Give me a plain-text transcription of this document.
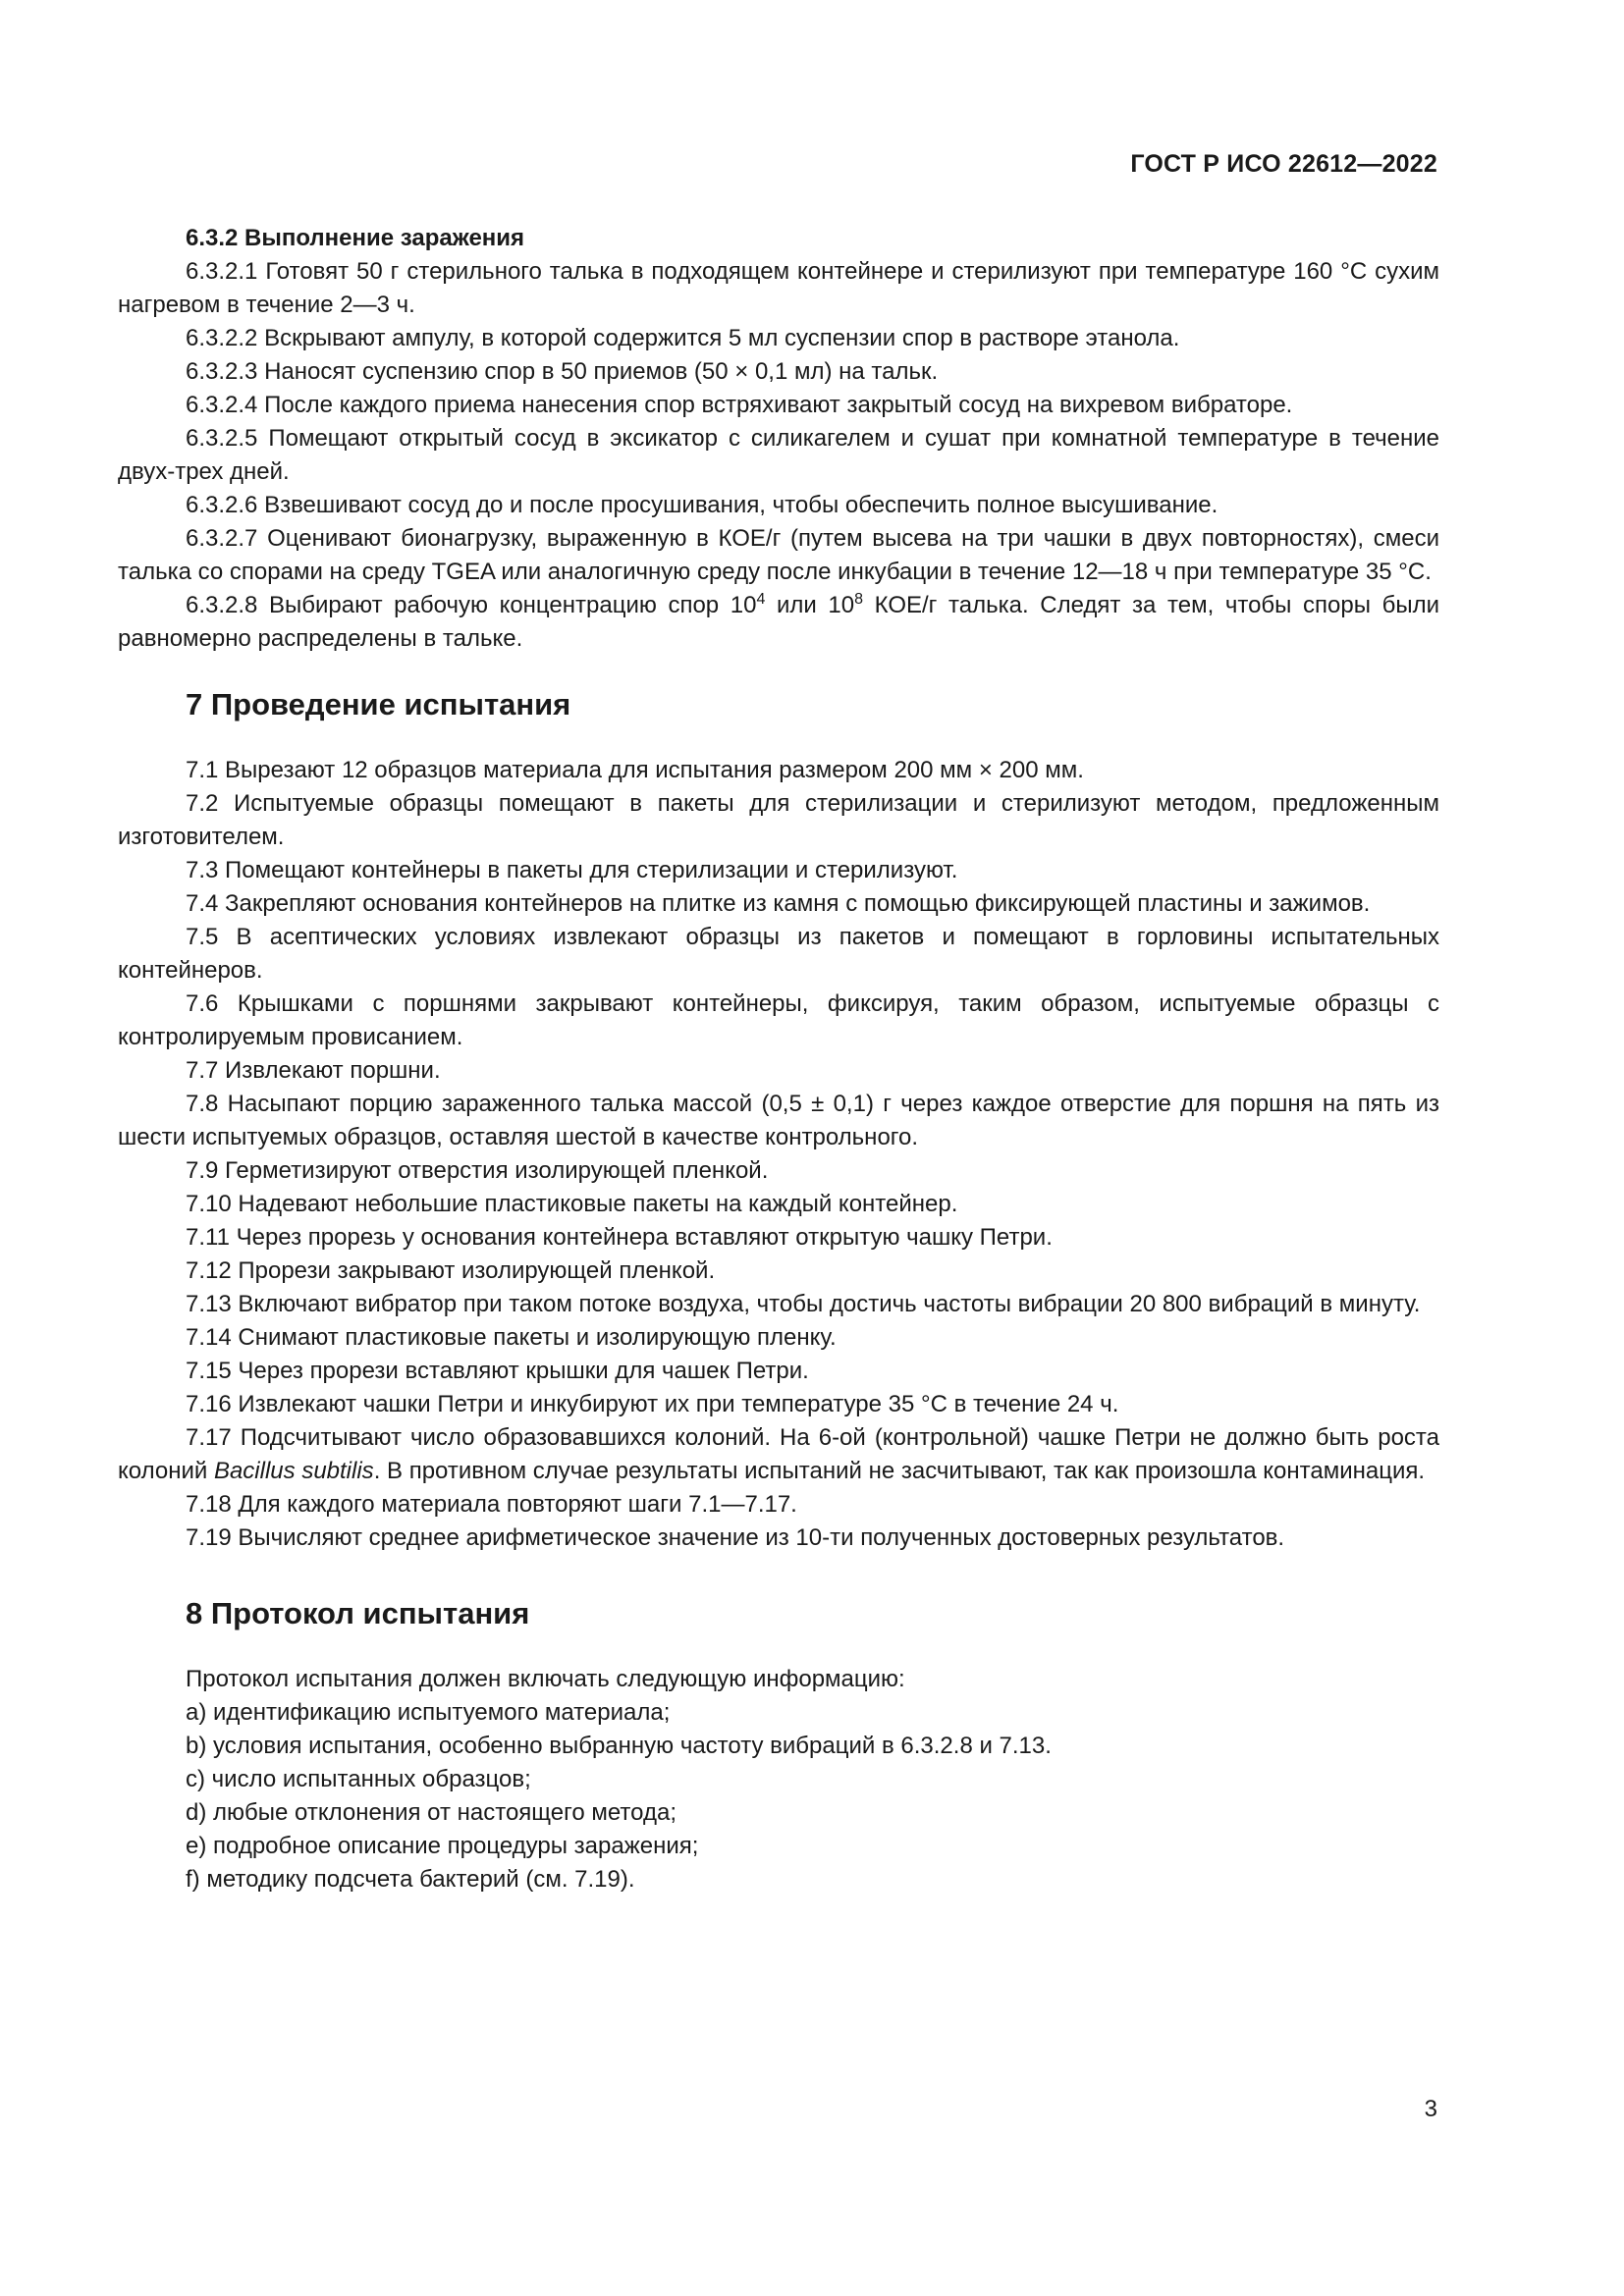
ГОСТ Р ИСО 22612—2022

6.3.2 Выполнение заражения

6.3.2.1 Готовят 50 г стерильного талька в подходящем контейнере и стерилизуют при температуре 160 °C сухим нагревом в течение 2—3 ч.

6.3.2.2 Вскрывают ампулу, в которой содержится 5 мл суспензии спор в растворе этанола.

6.3.2.3 Наносят суспензию спор в 50 приемов (50 × 0,1 мл) на тальк.

6.3.2.4 После каждого приема нанесения спор встряхивают закрытый сосуд на вихревом вибраторе.

6.3.2.5 Помещают открытый сосуд в эксикатор с силикагелем и сушат при комнатной температуре в течение двух-трех дней.

6.3.2.6 Взвешивают сосуд до и после просушивания, чтобы обеспечить полное высушивание.

6.3.2.7 Оценивают бионагрузку, выраженную в КОЕ/г (путем высева на три чашки в двух повторностях), смеси талька со спорами на среду TGEA или аналогичную среду после инкубации в течение 12—18 ч при температуре 35 °C.

6.3.2.8 Выбирают рабочую концентрацию спор $10^4$ или $10^8$ КОЕ/г талька. Следят за тем, чтобы споры были равномерно распределены в тальке.

7 Проведение испытания

7.1 Вырезают 12 образцов материала для испытания размером 200 мм × 200 мм.

7.2 Испытуемые образцы помещают в пакеты для стерилизации и стерилизуют методом, предложенным изготовителем.

7.3 Помещают контейнеры в пакеты для стерилизации и стерилизуют.

7.4 Закрепляют основания контейнеров на плитке из камня с помощью фиксирующей пластины и зажимов.

7.5 В асептических условиях извлекают образцы из пакетов и помещают в горловины испытательных контейнеров.

7.6 Крышками с поршнями закрывают контейнеры, фиксируя, таким образом, испытуемые образцы с контролируемым провисанием.

7.7 Извлекают поршни.

7.8 Насыпают порцию зараженного талька массой (0,5 ± 0,1) г через каждое отверстие для поршня на пять из шести испытуемых образцов, оставляя шестой в качестве контрольного.

7.9 Герметизируют отверстия изолирующей пленкой.

7.10 Надевают небольшие пластиковые пакеты на каждый контейнер.

7.11 Через прорезь у основания контейнера вставляют открытую чашку Петри.

7.12 Прорези закрывают изолирующей пленкой.

7.13 Включают вибратор при таком потоке воздуха, чтобы достичь частоты вибрации 20 800 вибраций в минуту.

7.14 Снимают пластиковые пакеты и изолирующую пленку.

7.15 Через прорези вставляют крышки для чашек Петри.

7.16 Извлекают чашки Петри и инкубируют их при температуре 35 °C в течение 24 ч.

7.17 Подсчитывают число образовавшихся колоний. На 6-ой (контрольной) чашке Петри не должно быть роста колоний Bacillus subtilis. В противном случае результаты испытаний не засчитывают, так как произошла контаминация.

7.18 Для каждого материала повторяют шаги 7.1—7.17.

7.19 Вычисляют среднее арифметическое значение из 10-ти полученных достоверных результатов.

8 Протокол испытания

Протокол испытания должен включать следующую информацию:

a) идентификацию испытуемого материала;
b) условия испытания, особенно выбранную частоту вибраций в 6.3.2.8 и 7.13.
c) число испытанных образцов;
d) любые отклонения от настоящего метода;
e) подробное описание процедуры заражения;
f) методику подсчета бактерий (см. 7.19).
3
